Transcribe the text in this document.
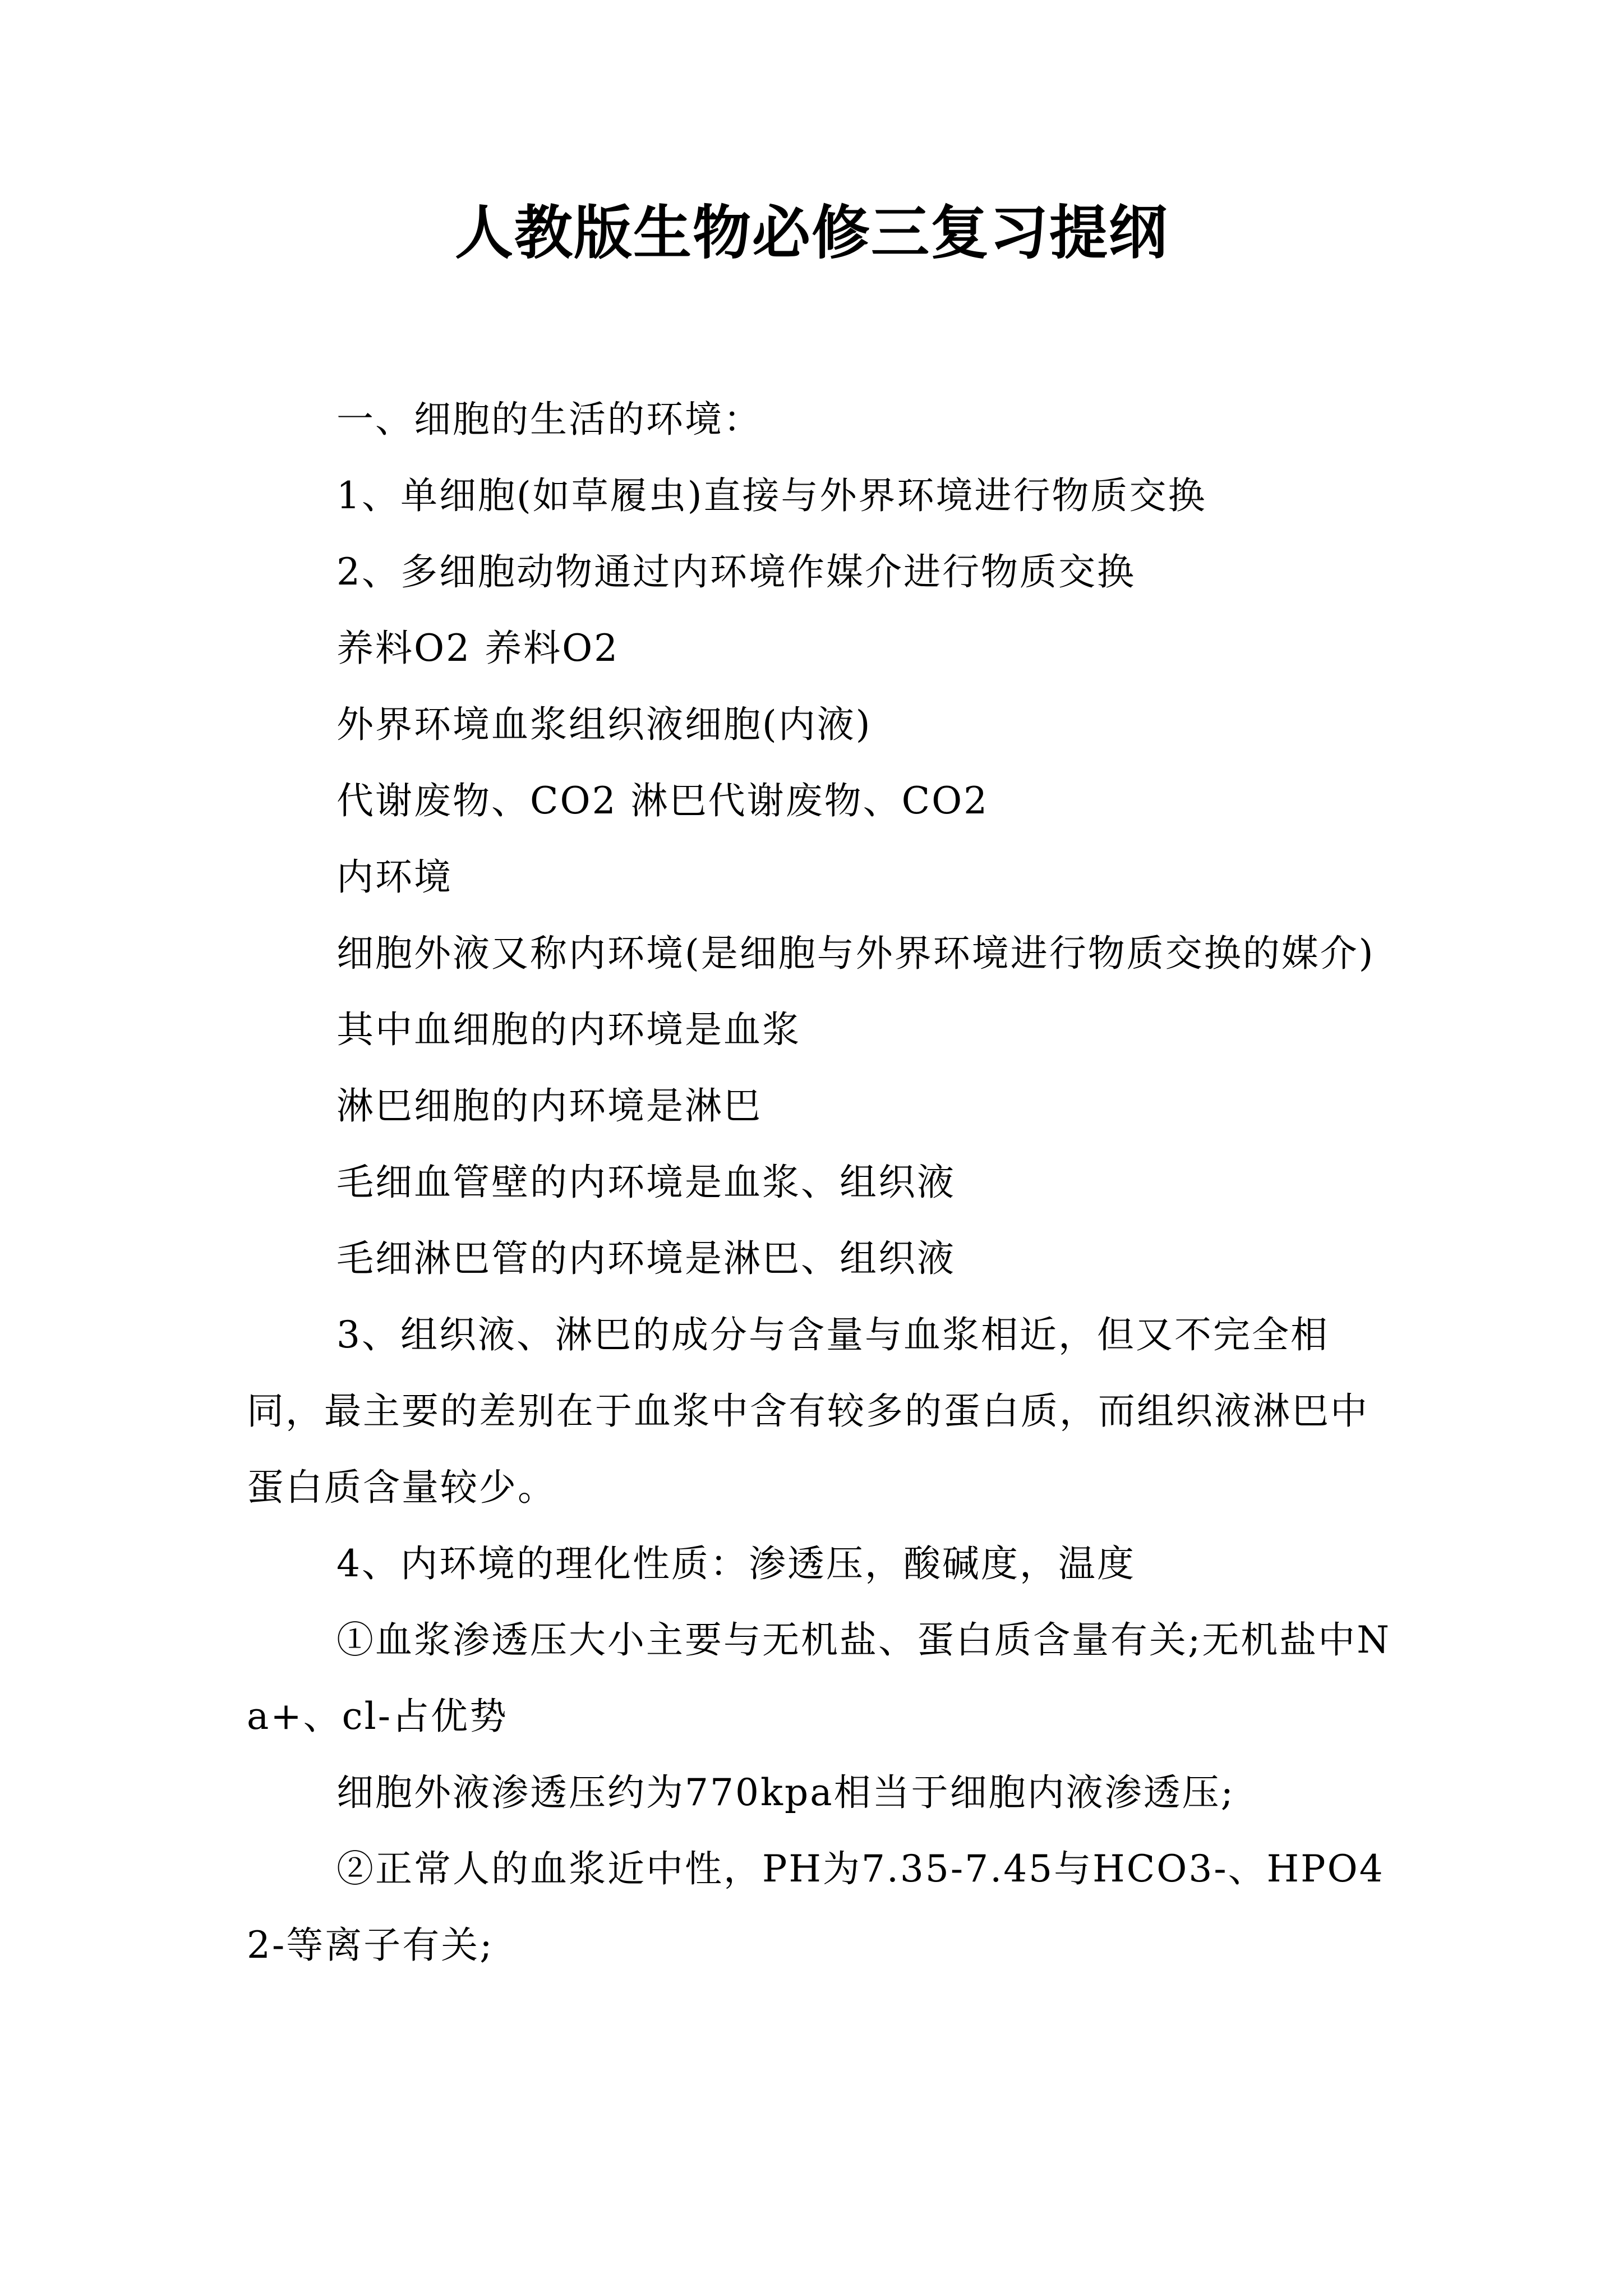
人教版生物必修三复习提纲

一、细胞的生活的环境：

1、单细胞(如草履虫)直接与外界环境进行物质交换

2、多细胞动物通过内环境作媒介进行物质交换

养料O2 养料O2

外界环境血浆组织液细胞(内液)

代谢废物、CO2 淋巴代谢废物、CO2

内环境

细胞外液又称内环境(是细胞与外界环境进行物质交换的媒介)

其中血细胞的内环境是血浆

淋巴细胞的内环境是淋巴

毛细血管壁的内环境是血浆、组织液

毛细淋巴管的内环境是淋巴、组织液

3、组织液、淋巴的成分与含量与血浆相近，但又不完全相同，最主要的差别在于血浆中含有较多的蛋白质，而组织液淋巴中蛋白质含量较少。

4、内环境的理化性质：渗透压，酸碱度，温度

①血浆渗透压大小主要与无机盐、蛋白质含量有关;无机盐中Na+、cl-占优势

细胞外液渗透压约为770kpa相当于细胞内液渗透压;

②正常人的血浆近中性，PH为7.35-7.45与HCO3-、HPO42-等离子有关;
